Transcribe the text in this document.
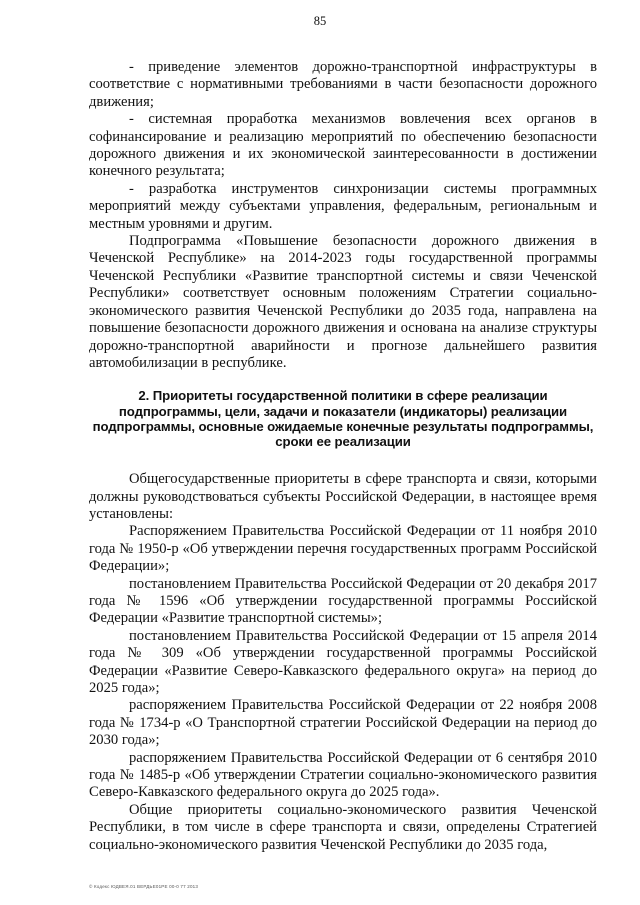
85

- приведение элементов дорожно-транспортной инфраструктуры в соответствие с нормативными требованиями в части безопасности дорожного движения;

- системная проработка механизмов вовлечения всех органов в софинансирование и реализацию мероприятий по обеспечению безопасности дорожного движения и их экономической заинтересованности в достижении конечного результата;

- разработка инструментов синхронизации системы программных мероприятий между субъектами управления, федеральным, региональным и местным уровнями и другим.

Подпрограмма «Повышение безопасности дорожного движения в Чеченской Республике» на 2014-2023 годы государственной программы Чеченской Республики «Развитие транспортной системы и связи Чеченской Республики» соответствует основным положениям Стратегии социально-экономического развития Чеченской Республики до 2035 года, направлена на повышение безопасности дорожного движения и основана на анализе структуры дорожно-транспортной аварийности и прогнозе дальнейшего развития автомобилизации в республике.

2. Приоритеты государственной политики в сфере реализации подпрограммы, цели, задачи и показатели (индикаторы) реализации подпрограммы, основные ожидаемые конечные результаты подпрограммы, сроки ее реализации

Общегосударственные приоритеты в сфере транспорта и связи, которыми должны руководствоваться субъекты Российской Федерации, в настоящее время установлены:

Распоряжением Правительства Российской Федерации от 11 ноября 2010 года № 1950-р «Об утверждении перечня государственных программ Российской Федерации»;

постановлением Правительства Российской Федерации от 20 декабря 2017 года № 1596 «Об утверждении государственной программы Российской Федерации «Развитие транспортной системы»;

постановлением Правительства Российской Федерации от 15 апреля 2014 года № 309 «Об утверждении государственной программы Российской Федерации «Развитие Северо-Кавказского федерального округа» на период до 2025 года»;

распоряжением Правительства Российской Федерации от 22 ноября 2008 года № 1734-р «О Транспортной стратегии Российской Федерации на период до 2030 года»;

распоряжением Правительства Российской Федерации от 6 сентября 2010 года № 1485-р «Об утверждении Стратегии социально-экономического развития Северо-Кавказского федерального округа до 2025 года».

Общие приоритеты социально-экономического развития Чеченской Республики, в том числе в сфере транспорта и связи, определены Стратегией социально-экономического развития Чеченской Республики до 2035 года,

© Кодекс ЮДВЕЯ.01 ВЕРДЬЕ01РЕ 00-0 77 2013
